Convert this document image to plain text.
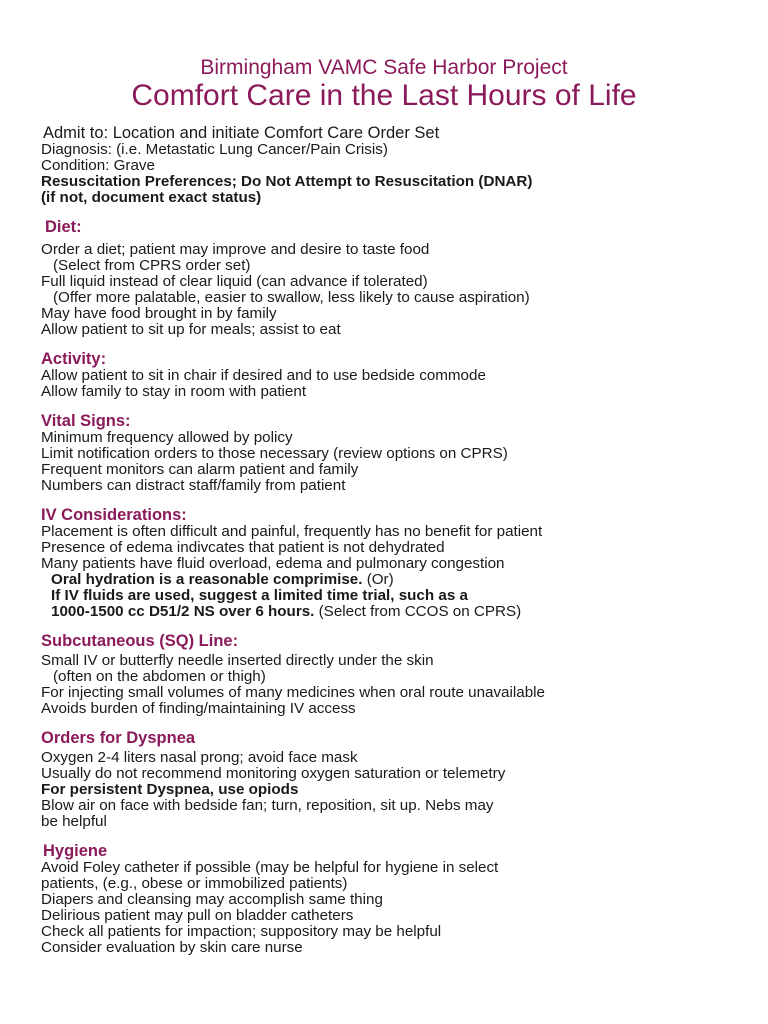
Birmingham VAMC Safe Harbor Project
Comfort Care in the Last Hours of Life

Admit to: Location and initiate Comfort Care Order Set

Diagnosis: (i.e. Metastatic Lung Cancer/Pain Crisis)

Condition: Grave

Resuscitation Preferences; Do Not Attempt to Resuscitation (DNAR)

(if not, document exact status)

Diet:

Order a diet; patient may improve and desire to taste food

(Select from CPRS order set)

Full liquid instead of clear liquid (can advance if tolerated)

(Offer more palatable, easier to swallow, less likely to cause aspiration)

May have food brought in by family

Allow patient to sit up for meals; assist to eat

Activity:

Allow patient to sit in chair if desired and to use bedside commode

Allow family to stay in room with patient

Vital Signs:

Minimum frequency allowed by policy

Limit notification orders to those necessary (review options on CPRS)

Frequent monitors can alarm patient and family

Numbers can distract staff/family from patient

IV Considerations:

Placement is often difficult and painful, frequently has no benefit for patient

Presence of edema indivcates that patient is not dehydrated

Many patients have fluid overload, edema and pulmonary congestion

Oral hydration is a reasonable comprimise. (Or)

If IV fluids are used, suggest a limited time trial, such as a

1000-1500 cc D51/2 NS over 6 hours. (Select from CCOS on CPRS)

Subcutaneous (SQ) Line:

Small IV or butterfly needle inserted directly under the skin

(often on the abdomen or thigh)

For injecting small volumes of many medicines when oral route unavailable

Avoids burden of finding/maintaining IV access

Orders for Dyspnea

Oxygen 2-4 liters nasal prong; avoid face mask

Usually do not recommend monitoring oxygen saturation or telemetry

For persistent Dyspnea, use opiods

Blow air on face with bedside fan; turn, reposition, sit up. Nebs may

be helpful

Hygiene

Avoid Foley catheter if possible (may be helpful for hygiene in select

patients, (e.g., obese or immobilized patients)

Diapers and cleansing may accomplish same thing

Delirious patient may pull on bladder catheters

Check all patients for impaction; suppository may be helpful

Consider evaluation by skin care nurse
